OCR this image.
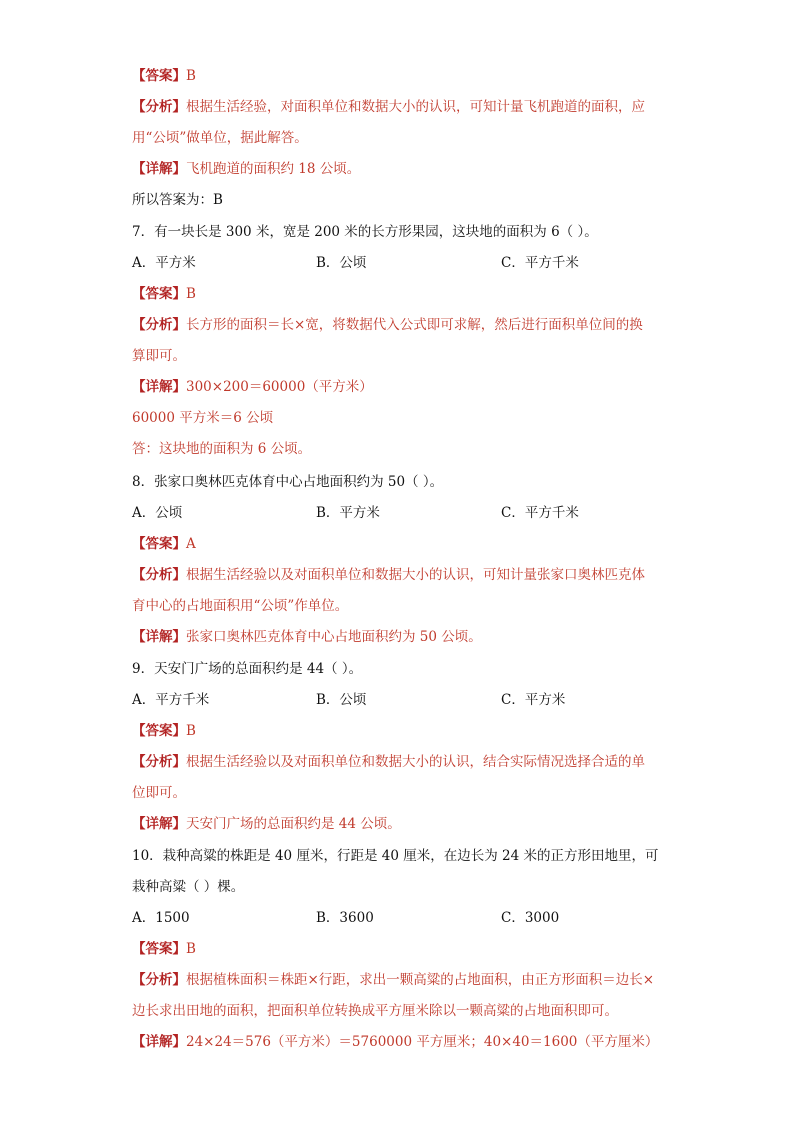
【答案】B
【分析】根据生活经验，对面积单位和数据大小的认识，可知计量飞机跑道的面积，应
用“公顷”做单位，据此解答。
【详解】飞机跑道的面积约 18 公顷。
所以答案为：B
7．有一块长是 300 米，宽是 200 米的长方形果园，这块地的面积为 6（ ）。
A．平方米	B．公顷	C．平方千米
【答案】B
【分析】长方形的面积＝长×宽，将数据代入公式即可求解，然后进行面积单位间的换
算即可。
【详解】300×200＝60000（平方米）
60000 平方米＝6 公顷
答：这块地的面积为 6 公顷。
8．张家口奥林匹克体育中心占地面积约为 50（ ）。
A．公顷	B．平方米	C．平方千米
【答案】A
【分析】根据生活经验以及对面积单位和数据大小的认识，可知计量张家口奥林匹克体
育中心的占地面积用“公顷”作单位。
【详解】张家口奥林匹克体育中心占地面积约为 50 公顷。
9．天安门广场的总面积约是 44（ ）。
A．平方千米	B．公顷	C．平方米
【答案】B
【分析】根据生活经验以及对面积单位和数据大小的认识，结合实际情况选择合适的单
位即可。
【详解】天安门广场的总面积约是 44 公顷。
10．栽种高粱的株距是 40 厘米，行距是 40 厘米，在边长为 24 米的正方形田地里，可
栽种高粱（ ）棵。
A．1500	B．3600	C．3000
【答案】B
【分析】根据植株面积＝株距×行距，求出一颗高粱的占地面积，由正方形面积＝边长×
边长求出田地的面积，把面积单位转换成平方厘米除以一颗高粱的占地面积即可。
【详解】24×24＝576（平方米）＝5760000 平方厘米；40×40＝1600（平方厘米）
